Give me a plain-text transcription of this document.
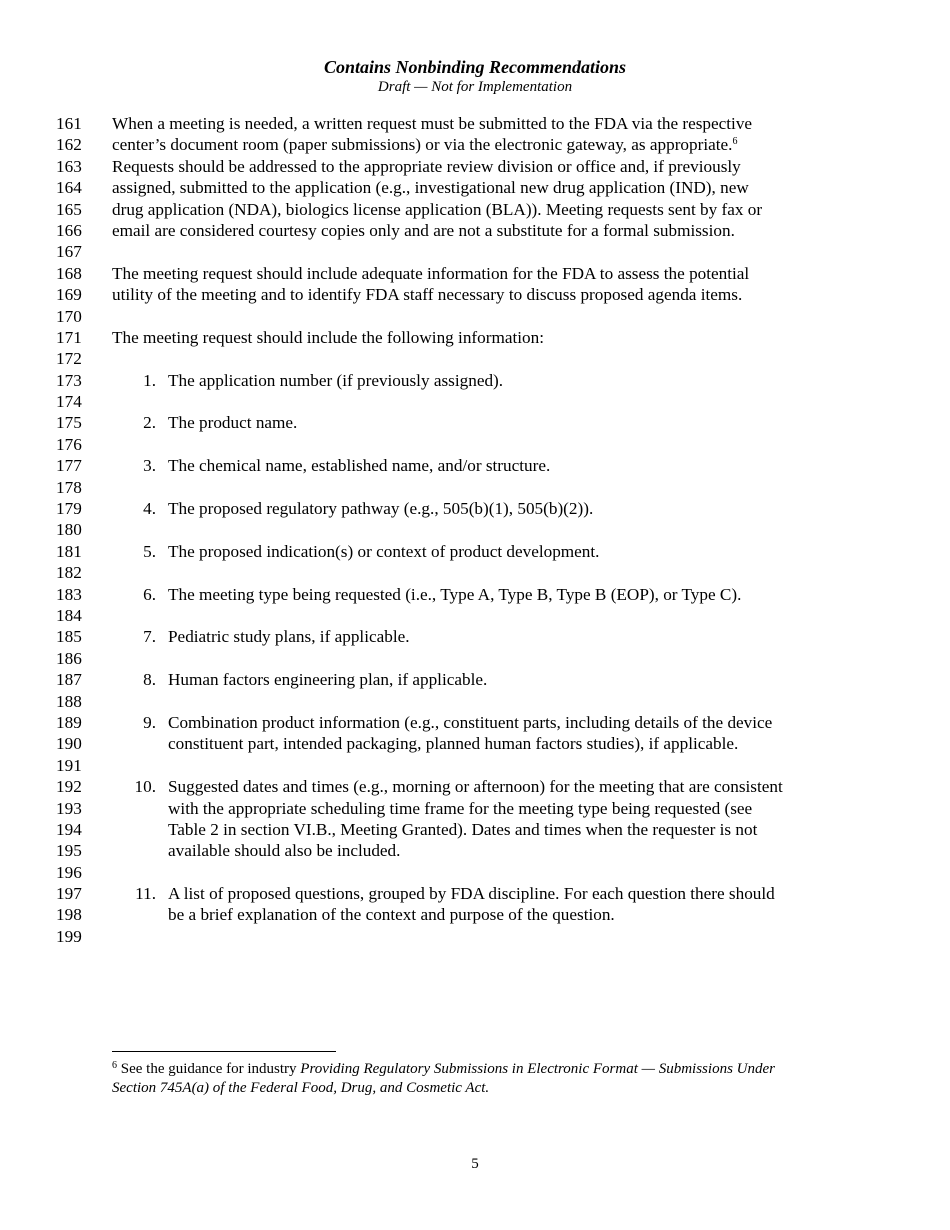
Contains Nonbinding Recommendations
Draft — Not for Implementation
161 When a meeting is needed, a written request must be submitted to the FDA via the respective
162 center’s document room (paper submissions) or via the electronic gateway, as appropriate.$^6$
163 Requests should be addressed to the appropriate review division or office and, if previously
164 assigned, submitted to the application (e.g., investigational new drug application (IND), new
165 drug application (NDA), biologics license application (BLA)). Meeting requests sent by fax or
166 email are considered courtesy copies only and are not a substitute for a formal submission.
167
168 The meeting request should include adequate information for the FDA to assess the potential
169 utility of the meeting and to identify FDA staff necessary to discuss proposed agenda items.
170
171 The meeting request should include the following information:
172
173	1. The application number (if previously assigned).
174
175	2. The product name.
176
177	3. The chemical name, established name, and/or structure.
178
179	4. The proposed regulatory pathway (e.g., 505(b)(1), 505(b)(2)).
180
181	5. The proposed indication(s) or context of product development.
182
183	6. The meeting type being requested (i.e., Type A, Type B, Type B (EOP), or Type C).
184
185	7. Pediatric study plans, if applicable.
186
187	8. Human factors engineering plan, if applicable.
188
189	9. Combination product information (e.g., constituent parts, including details of the device
190	constituent part, intended packaging, planned human factors studies), if applicable.
191
192	10. Suggested dates and times (e.g., morning or afternoon) for the meeting that are consistent
193	with the appropriate scheduling time frame for the meeting type being requested (see
194	Table 2 in section VI.B., Meeting Granted). Dates and times when the requester is not
195	available should also be included.
196
197	11. A list of proposed questions, grouped by FDA discipline. For each question there should
198	be a brief explanation of the context and purpose of the question.
199
$^6$ See the guidance for industry Providing Regulatory Submissions in Electronic Format — Submissions Under
Section 745A(a) of the Federal Food, Drug, and Cosmetic Act.
5
